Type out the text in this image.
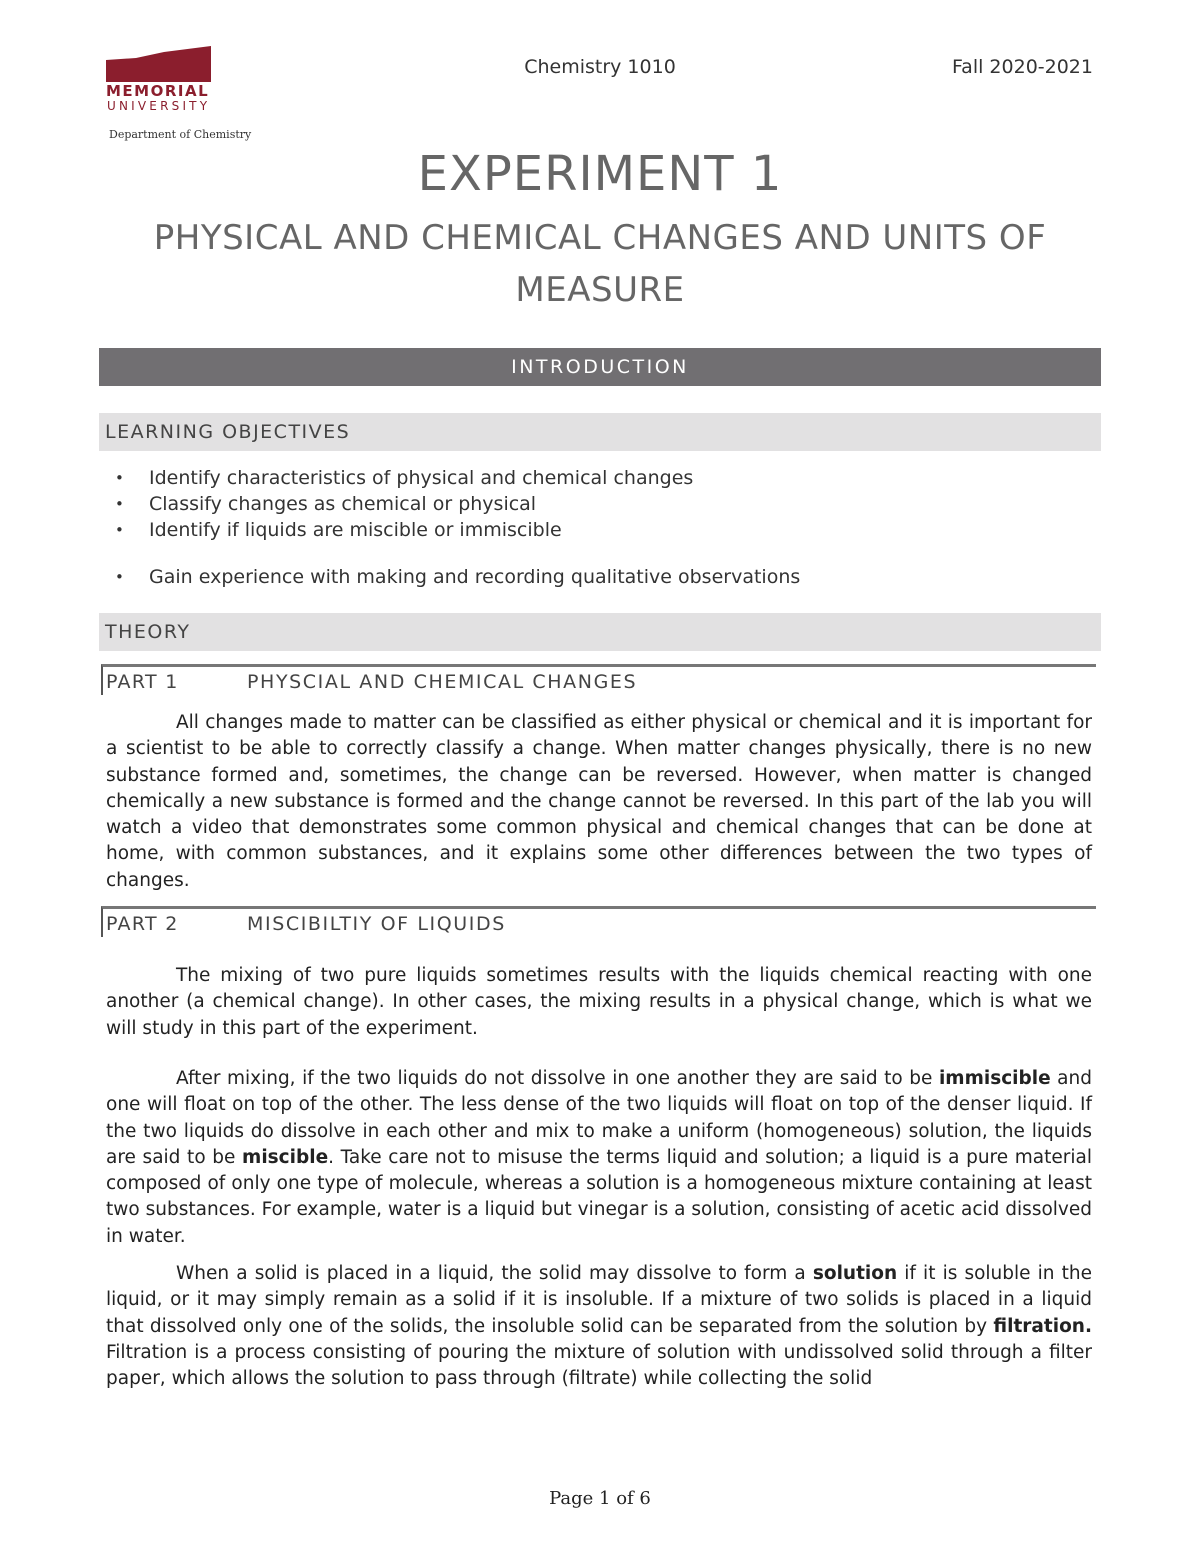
MEMORIAL
UNIVERSITY
Department of Chemistry
Chemistry 1010	Fall 2020-2021
EXPERIMENT 1
PHYSICAL AND CHEMICAL CHANGES AND UNITS OF MEASURE
INTRODUCTION
LEARNING OBJECTIVES
• Identify characteristics of physical and chemical changes
• Classify changes as chemical or physical
• Identify if liquids are miscible or immiscible
• Gain experience with making and recording qualitative observations
THEORY
PART 1	PHYSCIAL AND CHEMICAL CHANGES

All changes made to matter can be classified as either physical or chemical and it is important for a scientist to be able to correctly classify a change. When matter changes physically, there is no new substance formed and, sometimes, the change can be reversed. However, when matter is changed chemically a new substance is formed and the change cannot be reversed. In this part of the lab you will watch a video that demonstrates some common physical and chemical changes that can be done at home, with common substances, and it explains some other differences between the two types of changes.

PART 2	MISCIBILTIY OF LIQUIDS

The mixing of two pure liquids sometimes results with the liquids chemical reacting with one another (a chemical change). In other cases, the mixing results in a physical change, which is what we will study in this part of the experiment.

After mixing, if the two liquids do not dissolve in one another they are said to be immiscible and one will float on top of the other. The less dense of the two liquids will float on top of the denser liquid. If the two liquids do dissolve in each other and mix to make a uniform (homogeneous) solution, the liquids are said to be miscible. Take care not to misuse the terms liquid and solution; a liquid is a pure material composed of only one type of molecule, whereas a solution is a homogeneous mixture containing at least two substances. For example, water is a liquid but vinegar is a solution, consisting of acetic acid dissolved in water.

When a solid is placed in a liquid, the solid may dissolve to form a solution if it is soluble in the liquid, or it may simply remain as a solid if it is insoluble. If a mixture of two solids is placed in a liquid that dissolved only one of the solids, the insoluble solid can be separated from the solution by filtration. Filtration is a process consisting of pouring the mixture of solution with undissolved solid through a filter paper, which allows the solution to pass through (filtrate) while collecting the solid

Page 1 of 6
